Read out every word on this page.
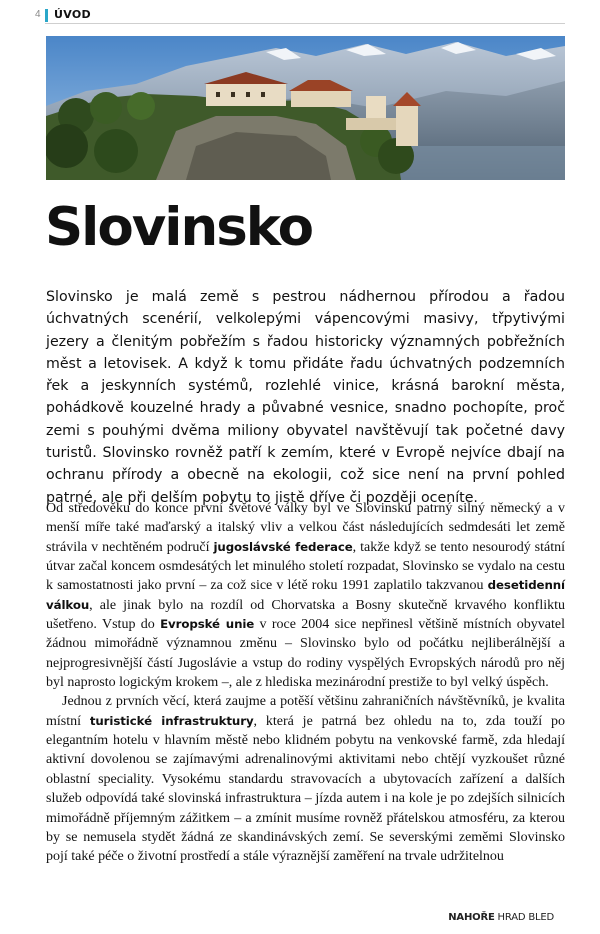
4 ÚVOD
Slovinsko

Slovinsko je malá země s pestrou nádhernou přírodou a řadou úchvatných scenérií, velkolepými vápencovými masivy, třpytivými jezery a členitým pobřežím s řadou historicky významných pobřežních měst a letovisek. A když k tomu přidáte řadu úchvatných podzemních řek a jeskynních systémů, rozlehlé vinice, krásná barokní města, pohádkově kouzelné hrady a půvabné vesnice, snadno pochopíte, proč zemi s pouhými dvěma miliony obyvatel navštěvují tak početné davy turistů. Slovinsko rovněž patří k zemím, které v Evropě nejvíce dbají na ochranu přírody a obecně na ekologii, což sice není na první pohled patrné, ale při delším pobytu to jistě dříve či později oceníte.

Od středověku do konce první světové války byl ve Slovinsku patrný silný německý a v menší míře také maďarský a italský vliv a velkou část následujících sedmdesáti let země strávila v nechtěném područí jugoslávské federace, takže když se tento nesourodý státní útvar začal koncem osmdesátých let minulého století rozpadat, Slovinsko se vydalo na cestu k samostatnosti jako první – za což sice v létě roku 1991 zaplatilo takzvanou desetidenní válkou, ale jinak bylo na rozdíl od Chorvatska a Bosny skutečně krvavého konfliktu ušetřeno. Vstup do Evropské unie v roce 2004 sice nepřinesl většině místních obyvatel žádnou mimořádně významnou změnu – Slovinsko bylo od počátku nejliberálnější a nejprogresivnější částí Jugoslávie a vstup do rodiny vyspělých Evropských národů pro něj byl naprosto logickým krokem –, ale z hlediska mezinárodní prestiže to byl velký úspěch.

Jednou z prvních věcí, která zaujme a potěší většinu zahraničních návštěvníků, je kvalita místní turistické infrastruktury, která je patrná bez ohledu na to, zda touží po elegantním hotelu v hlavním městě nebo klidném pobytu na venkovské farmě, zda hledají aktivní dovolenou se zajímavými adrenalinovými aktivitami nebo chtějí vyzkoušet různé oblastní speciality. Vysokému standardu stravovacích a ubytovacích zařízení a dalších služeb odpovídá také slovinská infrastruktura – jízda autem i na kole je po zdejších silnicích mimořádně příjemným zážitkem – a zmínit musíme rovněž přátelskou atmosféru, za kterou by se nemusela stydět žádná ze skandinávských zemí. Se severskými zeměmi Slovinsko pojí také péče o životní prostředí a stále výraznější zaměření na trvale udržitelnou

NAHOŘE HRAD BLED
